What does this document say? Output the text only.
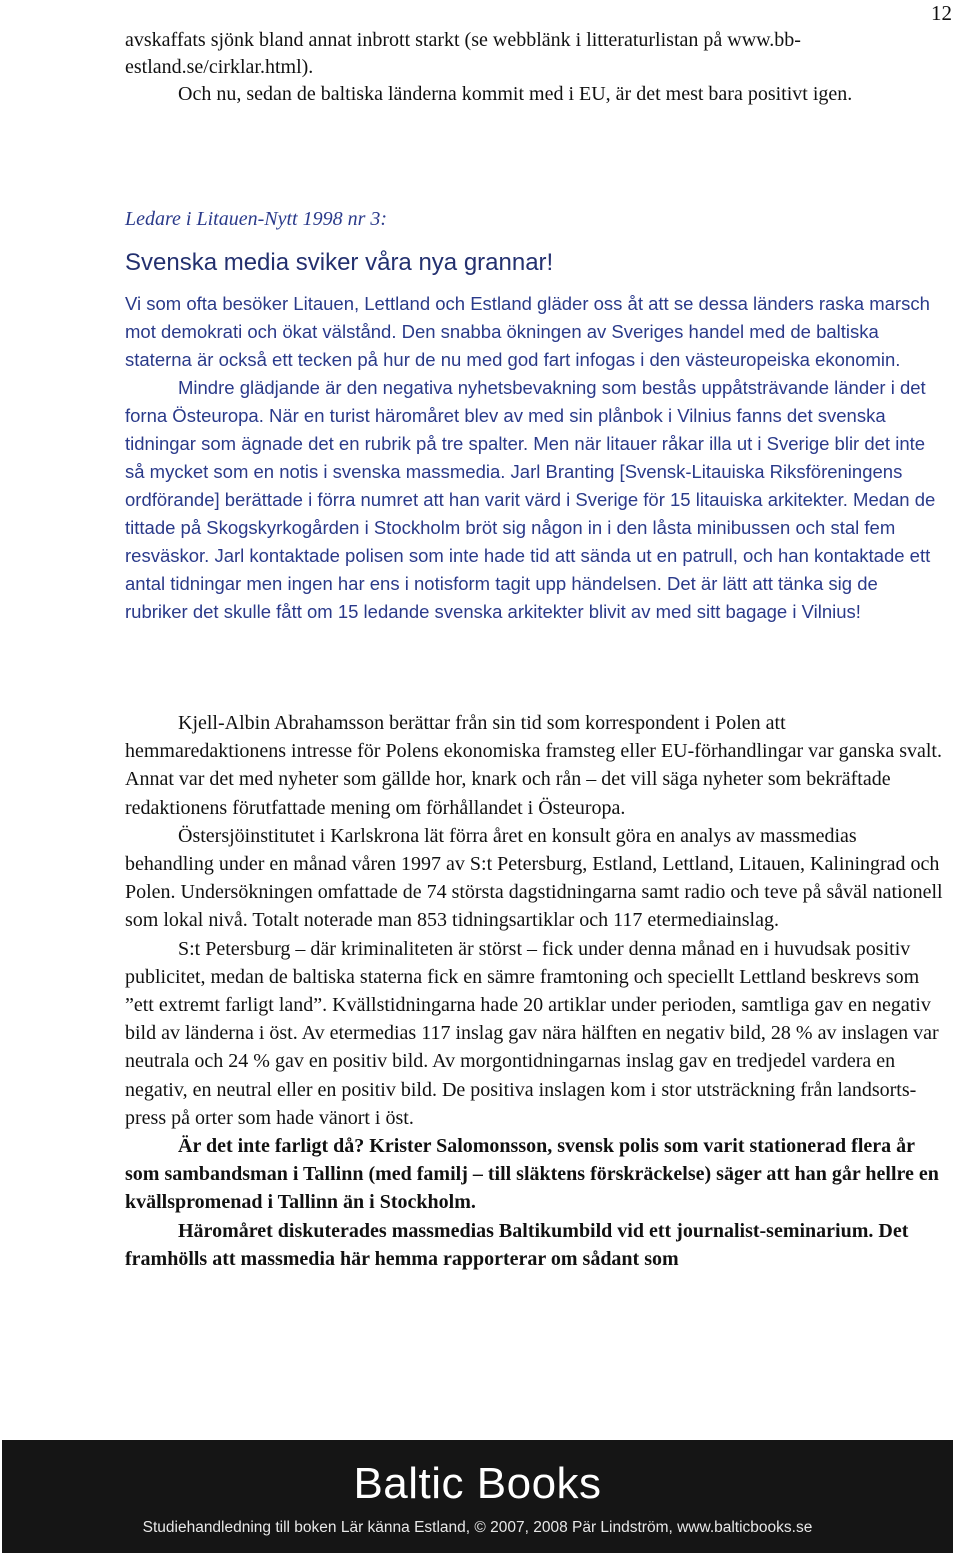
12

avskaffats sjönk bland annat inbrott starkt (se webblänk i litteraturlistan på www.bb-estland.se/cirklar.html).

Och nu, sedan de baltiska länderna kommit med i EU, är det mest bara positivt igen.

Ledare i Litauen-Nytt 1998 nr 3:
Svenska media sviker våra nya grannar!

Vi som ofta besöker Litauen, Lettland och Estland gläder oss åt att se dessa länders raska marsch mot demokrati och ökat välstånd. Den snabba ökningen av Sveriges handel med de baltiska staterna är också ett tecken på hur de nu med god fart infogas i den västeuropeiska ekonomin.

Mindre glädjande är den negativa nyhetsbevakning som bestås uppåtsträvande länder i det forna Östeuropa. När en turist häromåret blev av med sin plånbok i Vilnius fanns det svenska tidningar som ägnade det en rubrik på tre spalter. Men när litauer råkar illa ut i Sverige blir det inte så mycket som en notis i svenska massmedia. Jarl Branting [Svensk-Litauiska Riksföreningens ordförande] berättade i förra numret att han varit värd i Sverige för 15 litauiska arkitekter. Medan de tittade på Skogskyrkogården i Stockholm bröt sig någon in i den låsta minibussen och stal fem resväskor. Jarl kontaktade polisen som inte hade tid att sända ut en patrull, och han kontaktade ett antal tidningar men ingen har ens i notisform tagit upp händelsen. Det är lätt att tänka sig de rubriker det skulle fått om 15 ledande svenska arkitekter blivit av med sitt bagage i Vilnius!

Kjell-Albin Abrahamsson berättar från sin tid som korrespondent i Polen att hemmaredaktionens intresse för Polens ekonomiska framsteg eller EU-förhandlingar var ganska svalt. Annat var det med nyheter som gällde hor, knark och rån – det vill säga nyheter som bekräftade redaktionens förutfattade mening om förhållandet i Östeuropa.

Östersjöinstitutet i Karlskrona lät förra året en konsult göra en analys av massmedias behandling under en månad våren 1997 av S:t Petersburg, Estland, Lettland, Litauen, Kaliningrad och Polen. Undersökningen omfattade de 74 största dagstidningarna samt radio och teve på såväl nationell som lokal nivå. Totalt noterade man 853 tidningsartiklar och 117 etermediainslag.

S:t Petersburg – där kriminaliteten är störst – fick under denna månad en i huvudsak positiv publicitet, medan de baltiska staterna fick en sämre framtoning och speciellt Lettland beskrevs som ”ett extremt farligt land”. Kvällstidningarna hade 20 artiklar under perioden, samtliga gav en negativ bild av länderna i öst. Av etermedias 117 inslag gav nära hälften en negativ bild, 28 % av inslagen var neutrala och 24 % gav en positiv bild. Av morgontidningarnas inslag gav en tredjedel vardera en negativ, en neutral eller en positiv bild. De positiva inslagen kom i stor utsträckning från landsorts-press på orter som hade vänort i öst.

Är det inte farligt då? Krister Salomonsson, svensk polis som varit stationerad flera år som sambandsman i Tallinn (med familj – till släktens förskräckelse) säger att han går hellre en kvällspromenad i Tallinn än i Stockholm.

Häromåret diskuterades massmedias Baltikumbild vid ett journalist-seminarium. Det framhölls att massmedia här hemma rapporterar om sådant som

Baltic Books
Studiehandledning till boken Lär känna Estland, © 2007, 2008 Pär Lindström, www.balticbooks.se
